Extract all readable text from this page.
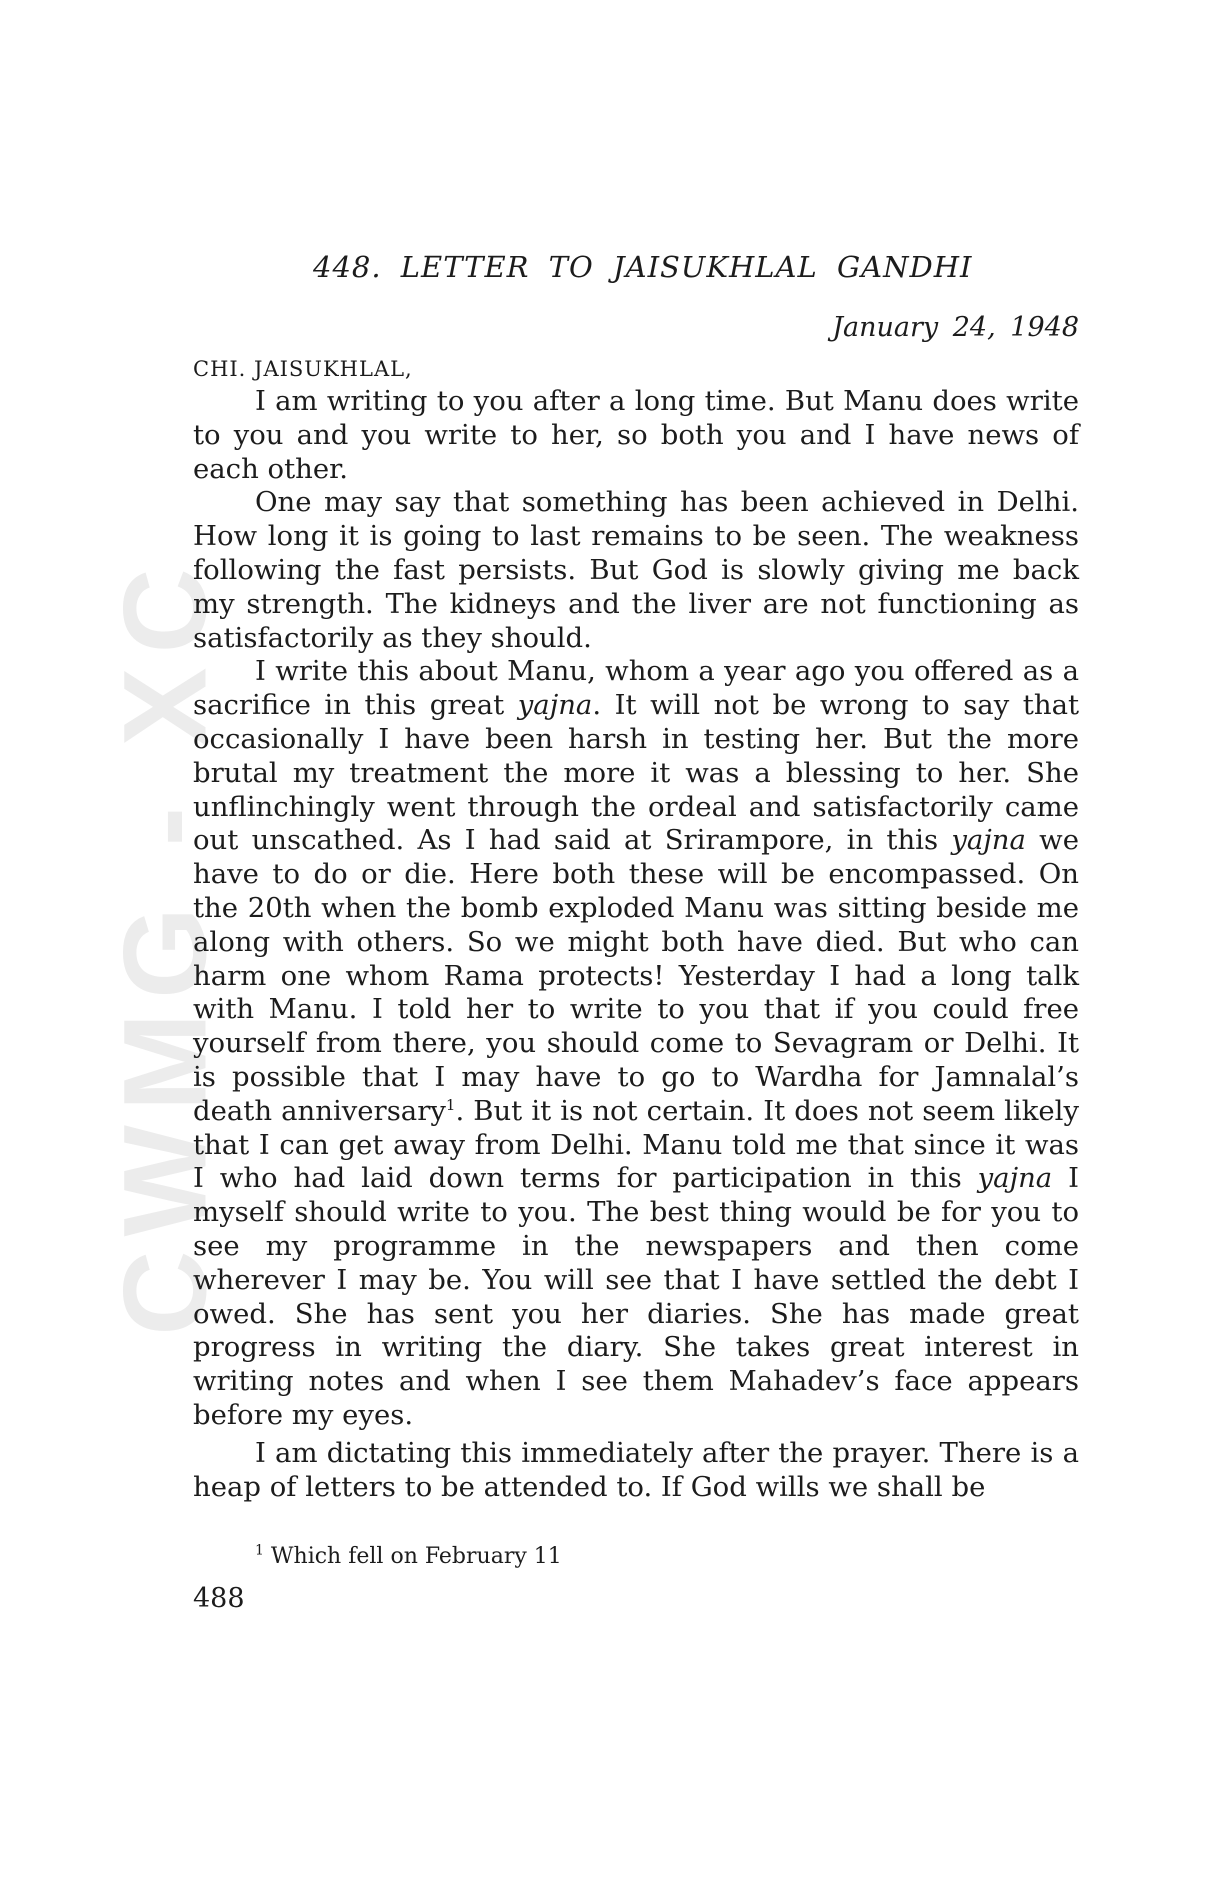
CWMG - XC
448. LETTER TO JAISUKHLAL GANDHI
January 24, 1948
CHI. JAISUKHLAL,

I am writing to you after a long time. But Manu does write to you and you write to her, so both you and I have news of each other.

One may say that something has been achieved in Delhi. How long it is going to last remains to be seen. The weakness following the fast persists. But God is slowly giving me back my strength. The kidneys and the liver are not functioning as satisfactorily as they should.

I write this about Manu, whom a year ago you offered as a sacrifice in this great yajna. It will not be wrong to say that occasionally I have been harsh in testing her. But the more brutal my treatment the more it was a blessing to her. She unflinchingly went through the ordeal and satisfactorily came out unscathed. As I had said at Srirampore, in this yajna we have to do or die. Here both these will be encompassed. On the 20th when the bomb exploded Manu was sitting beside me along with others. So we might both have died. But who can harm one whom Rama protects! Yesterday I had a long talk with Manu. I told her to write to you that if you could free yourself from there, you should come to Sevagram or Delhi. It is possible that I may have to go to Wardha for Jamnalal’s death anniversary$^1$. But it is not certain. It does not seem likely that I can get away from Delhi. Manu told me that since it was I who had laid down terms for participation in this yajna I myself should write to you. The best thing would be for you to see my programme in the newspapers and then come wherever I may be. You will see that I have settled the debt I owed. She has sent you her diaries. She has made great progress in writing the diary. She takes great interest in writing notes and when I see them Mahadev’s face appears before my eyes.

I am dictating this immediately after the prayer. There is a heap of letters to be attended to. If God wills we shall be

$^1$ Which fell on February 11
488
